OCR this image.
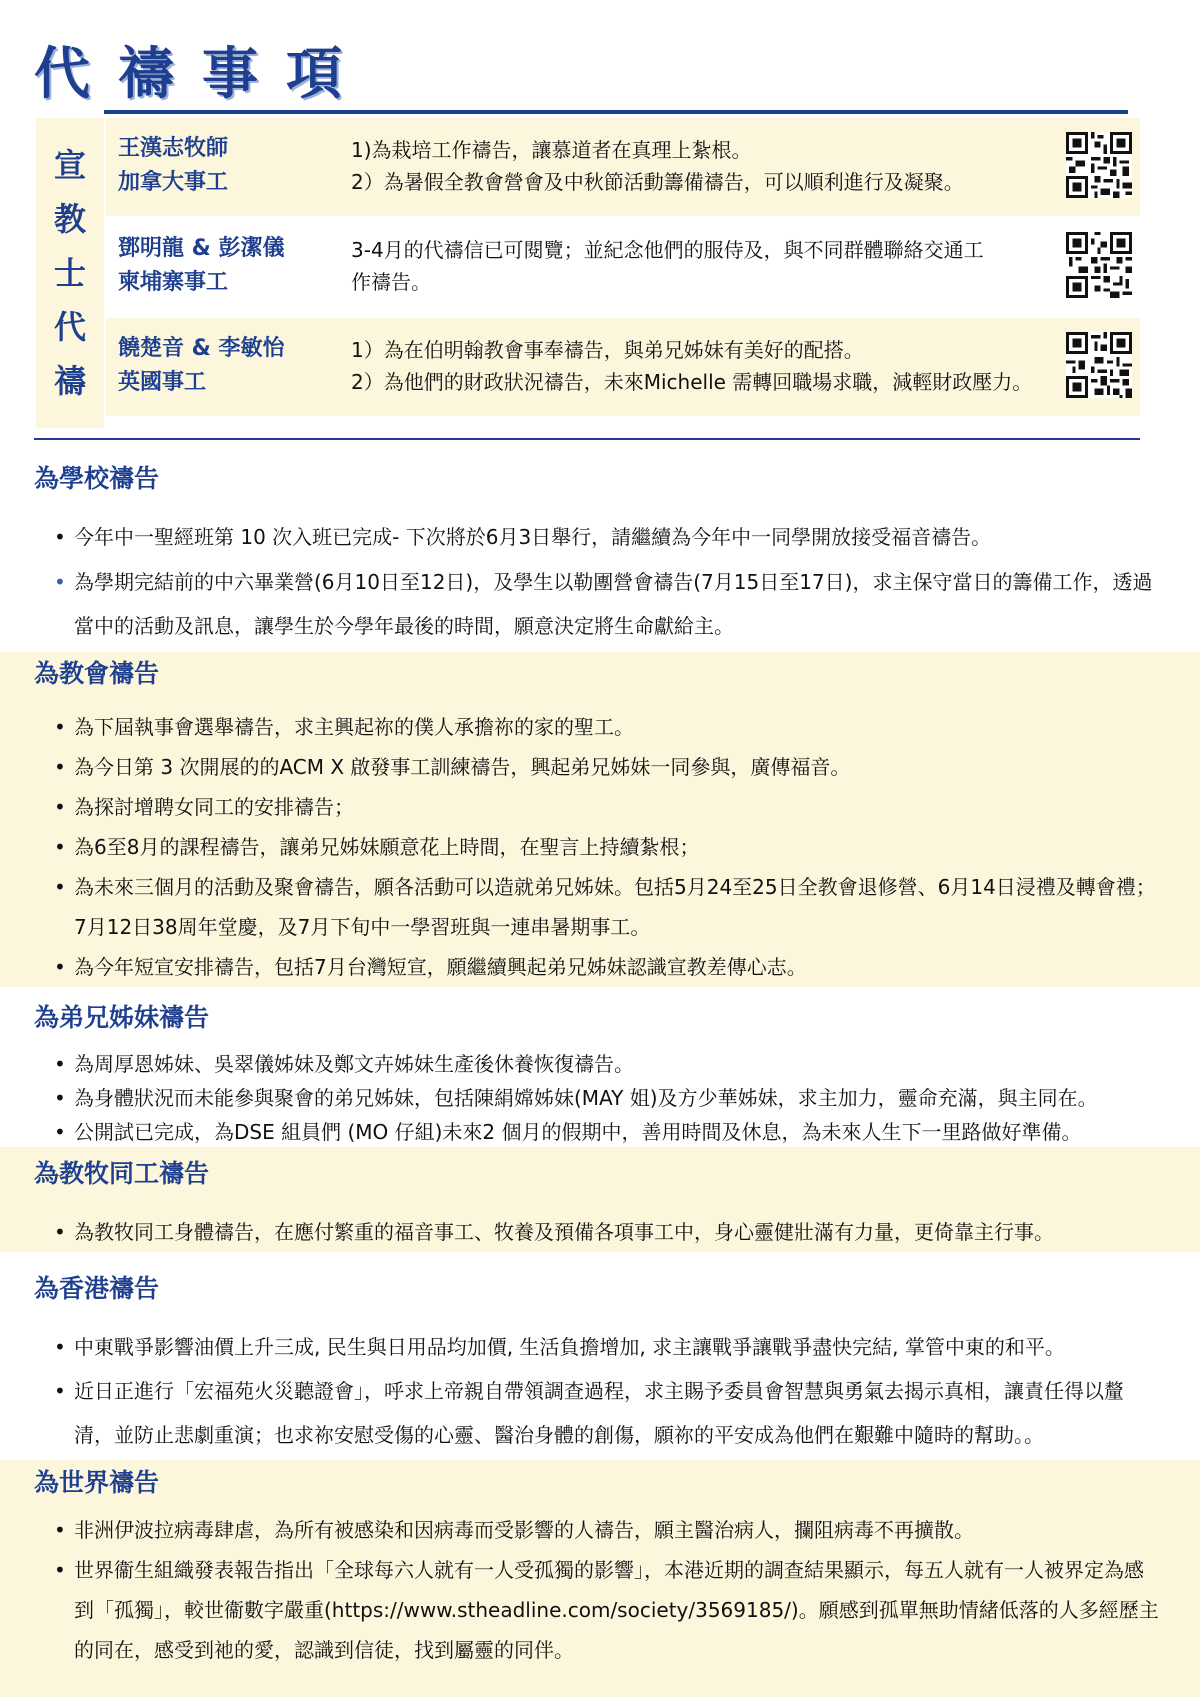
代禱事項
宣
教
士
代
禱
王漢志牧師
加拿大事工
1)為栽培工作禱告，讓慕道者在真理上紮根。
2）為暑假全教會營會及中秋節活動籌備禱告，可以順利進行及凝聚。
鄧明龍 & 彭潔儀
柬埔寨事工
3-4月的代禱信已可閱覽；並紀念他們的服侍及，與不同群體聯絡交通工作禱告。
饒楚音 & 李敏怡
英國事工
1）為在伯明翰教會事奉禱告，與弟兄姊妹有美好的配搭。
2）為他們的財政狀況禱告，未來Michelle 需轉回職場求職，減輕財政壓力。
為學校禱告
• 今年中一聖經班第 10 次入班已完成- 下次將於6月3日舉行，請繼續為今年中一同學開放接受福音禱告。
• 為學期完結前的中六畢業營(6月10日至12日)，及學生以勒團營會禱告(7月15日至17日)，求主保守當日的籌備工作，透過當中的活動及訊息，讓學生於今學年最後的時間，願意決定將生命獻給主。
為教會禱告
• 為下屆執事會選舉禱告，求主興起祢的僕人承擔祢的家的聖工。
• 為今日第 3 次開展的的ACM X 啟發事工訓練禱告，興起弟兄姊妹一同參與，廣傳福音。
• 為探討增聘女同工的安排禱告；
• 為6至8月的課程禱告，讓弟兄姊妹願意花上時間，在聖言上持續紮根；
• 為未來三個月的活動及聚會禱告，願各活動可以造就弟兄姊妹。包括5月24至25日全教會退修營、6月14日浸禮及轉會禮； 7月12日38周年堂慶，及7月下旬中一學習班與一連串暑期事工。
• 為今年短宣安排禱告，包括7月台灣短宣，願繼續興起弟兄姊妹認識宣教差傳心志。
為弟兄姊妹禱告
• 為周厚恩姊妹、吳翠儀姊妹及鄭文卉姊妹生產後休養恢復禱告。
• 為身體狀況而未能參與聚會的弟兄姊妹，包括陳絹嫦姊妹(MAY 姐)及方少華姊妹，求主加力，靈命充滿，與主同在。
• 公開試已完成，為DSE 組員們 (MO 仔組)未來2 個月的假期中，善用時間及休息，為未來人生下一里路做好準備。
為教牧同工禱告
• 為教牧同工身體禱告，在應付繁重的福音事工、牧養及預備各項事工中，身心靈健壯滿有力量，更倚靠主行事。
為香港禱告
• 中東戰爭影響油價上升三成, 民生與日用品均加價, 生活負擔增加, 求主讓戰爭讓戰爭盡快完結, 掌管中東的和平。
• 近日正進行「宏福苑火災聽證會」，呼求上帝親自帶領調查過程，求主賜予委員會智慧與勇氣去揭示真相，讓責任得以釐清，並防止悲劇重演；也求祢安慰受傷的心靈、醫治身體的創傷，願祢的平安成為他們在艱難中隨時的幫助。。
為世界禱告
• 非洲伊波拉病毒肆虐，為所有被感染和因病毒而受影響的人禱告，願主醫治病人，攔阻病毒不再擴散。
• 世界衞生組織發表報告指出「全球每六人就有一人受孤獨的影響」，本港近期的調查結果顯示，每五人就有一人被界定為感到「孤獨」，較世衞數字嚴重(https://www.stheadline.com/society/3569185/)。願感到孤單無助情緒低落的人多經歷主的同在，感受到祂的愛，認識到信徒，找到屬靈的同伴。
